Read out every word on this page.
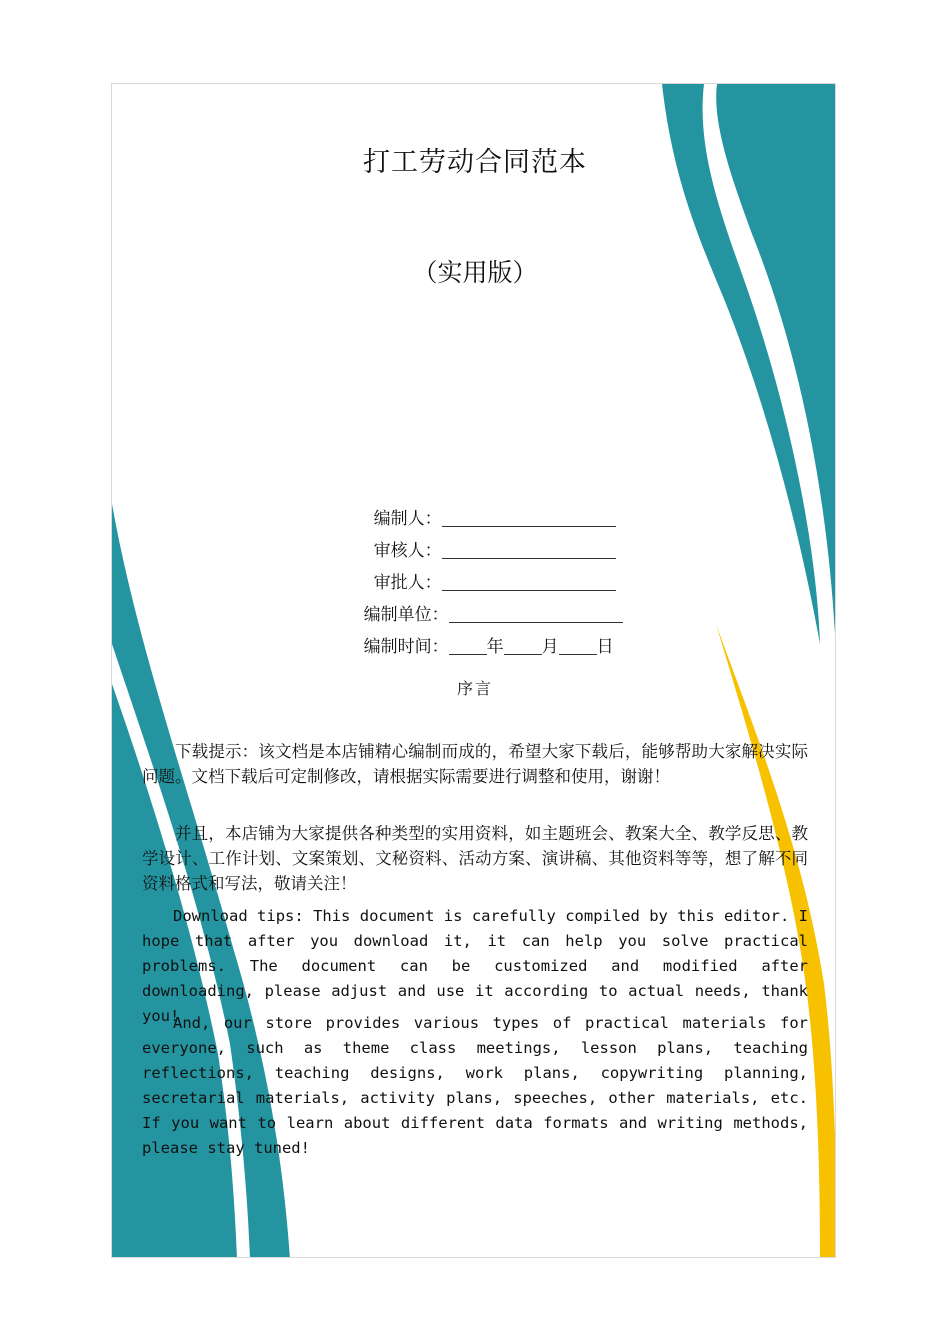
打工劳动合同范本
（实用版）

编制人：

审核人：

审批人：

编制单位：

编制时间： 年 月 日

序言
下载提示：该文档是本店铺精心编制而成的，希望大家下载后，能够帮助大家解决实际问题。文档下载后可定制修改，请根据实际需要进行调整和使用，谢谢！
并且，本店铺为大家提供各种类型的实用资料，如主题班会、教案大全、教学反思、教学设计、工作计划、文案策划、文秘资料、活动方案、演讲稿、其他资料等等，想了解不同资料格式和写法，敬请关注！
Download tips: This document is carefully compiled by this editor. I hope that after you download it, it can help you solve practical problems. The document can be customized and modified after downloading, please adjust and use it according to actual needs, thank you!
And, our store provides various types of practical materials for everyone, such as theme class meetings, lesson plans, teaching reflections, teaching designs, work plans, copywriting planning, secretarial materials, activity plans, speeches, other materials, etc. If you want to learn about different data formats and writing methods, please stay tuned!
